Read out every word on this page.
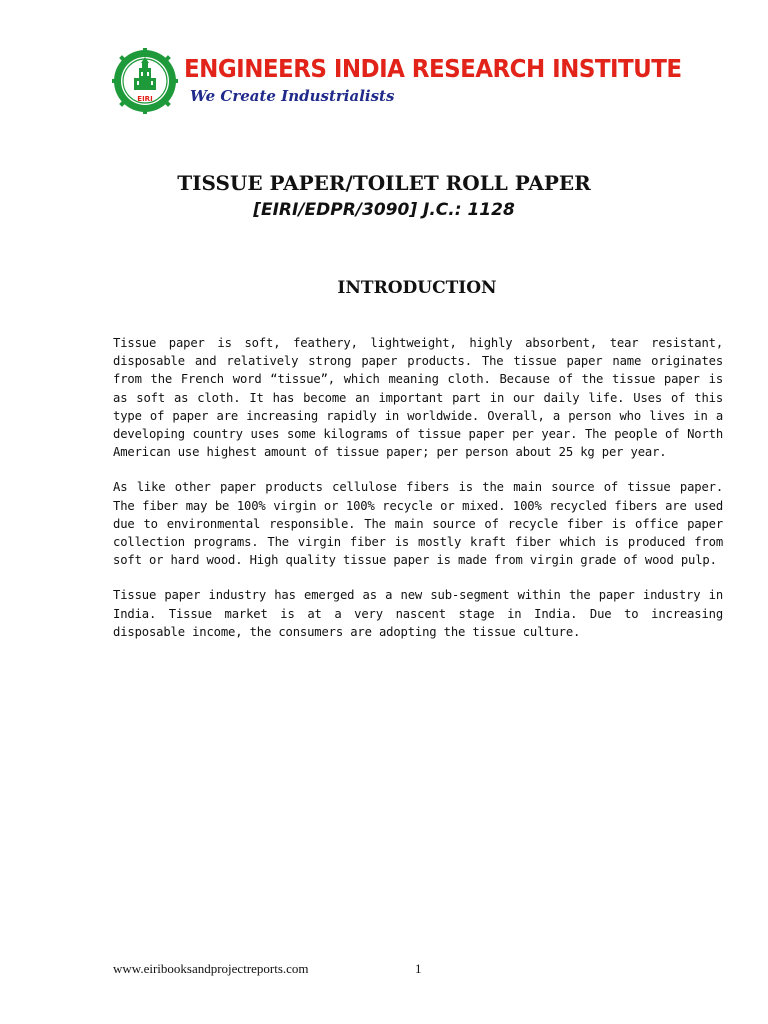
EIRI
ENGINEERS INDIA RESEARCH INSTITUTE
We Create Industrialists
TISSUE PAPER/TOILET ROLL PAPER
[EIRI/EDPR/3090] J.C.: 1128
INTRODUCTION

Tissue paper is soft, feathery, lightweight, highly absorbent, tear resistant, disposable and relatively strong paper products. The tissue paper name originates from the French word “tissue”, which meaning cloth. Because of the tissue paper is as soft as cloth. It has become an important part in our daily life. Uses of this type of paper are increasing rapidly in worldwide. Overall, a person who lives in a developing country uses some kilograms of tissue paper per year. The people of North American use highest amount of tissue paper; per person about 25 kg per year.

As like other paper products cellulose fibers is the main source of tissue paper. The fiber may be 100% virgin or 100% recycle or mixed. 100% recycled fibers are used due to environmental responsible. The main source of recycle fiber is office paper collection programs. The virgin fiber is mostly kraft fiber which is produced from soft or hard wood. High quality tissue paper is made from virgin grade of wood pulp.

Tissue paper industry has emerged as a new sub-segment within the paper industry in India. Tissue market is at a very nascent stage in India. Due to increasing disposable income, the consumers are adopting the tissue culture.

www.eiribooksandprojectreports.com	1
